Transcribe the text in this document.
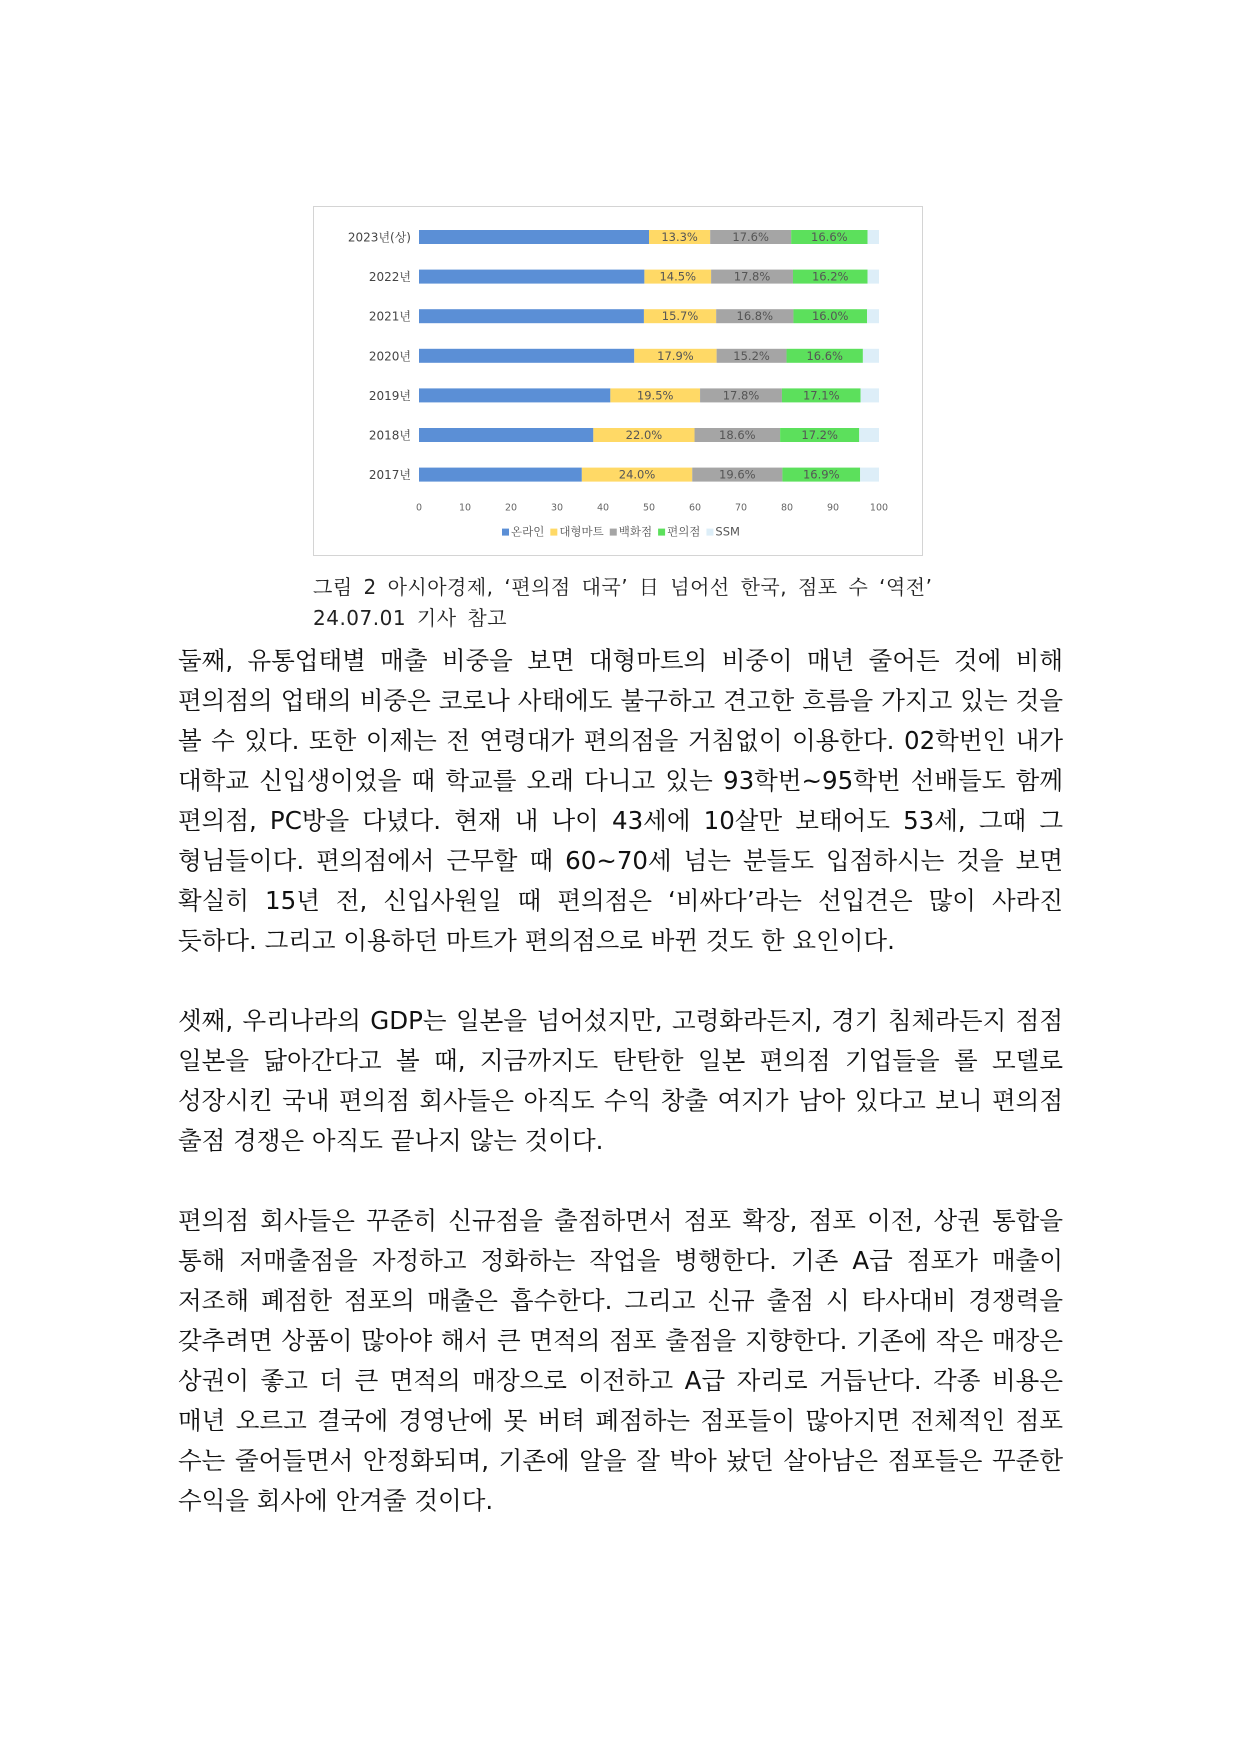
2023년(상)	13.3%	17.6%	16.6%
2022년	14.5%	17.8%	16.2%
2021년	15.7%	16.8%	16.0%
2020년	17.9%	15.2%	16.6%
2019년	19.5%	17.8%	17.1%
2018년	22.0%	18.6%	17.2%
2017년	24.0%	19.6%	16.9%
0	10	20	30	40	50	60	70	80	90	100
온라인 대형마트 백화점 편의점 SSM
그림 2 아시아경제, ‘편의점 대국’ 日 넘어선 한국, 점포 수 ‘역전’
24.07.01 기사 참고

둘째, 유통업태별 매출 비중을 보면 대형마트의 비중이 매년 줄어든 것에 비해 편의점의 업태의 비중은 코로나 사태에도 불구하고 견고한 흐름을 가지고 있는 것을 볼 수 있다. 또한 이제는 전 연령대가 편의점을 거침없이 이용한다. 02학번인 내가 대학교 신입생이었을 때 학교를 오래 다니고 있는 93학번~95학번 선배들도 함께 편의점, PC방을 다녔다. 현재 내 나이 43세에 10살만 보태어도 53세, 그때 그 형님들이다. 편의점에서 근무할 때 60~70세 넘는 분들도 입점하시는 것을 보면 확실히 15년 전, 신입사원일 때 편의점은 ‘비싸다’라는 선입견은 많이 사라진 듯하다. 그리고 이용하던 마트가 편의점으로 바뀐 것도 한 요인이다.

셋째, 우리나라의 GDP는 일본을 넘어섰지만, 고령화라든지, 경기 침체라든지 점점 일본을 닮아간다고 볼 때, 지금까지도 탄탄한 일본 편의점 기업들을 롤 모델로 성장시킨 국내 편의점 회사들은 아직도 수익 창출 여지가 남아 있다고 보니 편의점 출점 경쟁은 아직도 끝나지 않는 것이다.

편의점 회사들은 꾸준히 신규점을 출점하면서 점포 확장, 점포 이전, 상권 통합을 통해 저매출점을 자정하고 정화하는 작업을 병행한다. 기존 A급 점포가 매출이 저조해 폐점한 점포의 매출은 흡수한다. 그리고 신규 출점 시 타사대비 경쟁력을 갖추려면 상품이 많아야 해서 큰 면적의 점포 출점을 지향한다. 기존에 작은 매장은 상권이 좋고 더 큰 면적의 매장으로 이전하고 A급 자리로 거듭난다. 각종 비용은 매년 오르고 결국에 경영난에 못 버텨 폐점하는 점포들이 많아지면 전체적인 점포 수는 줄어들면서 안정화되며, 기존에 알을 잘 박아 놨던 살아남은 점포들은 꾸준한 수익을 회사에 안겨줄 것이다.
